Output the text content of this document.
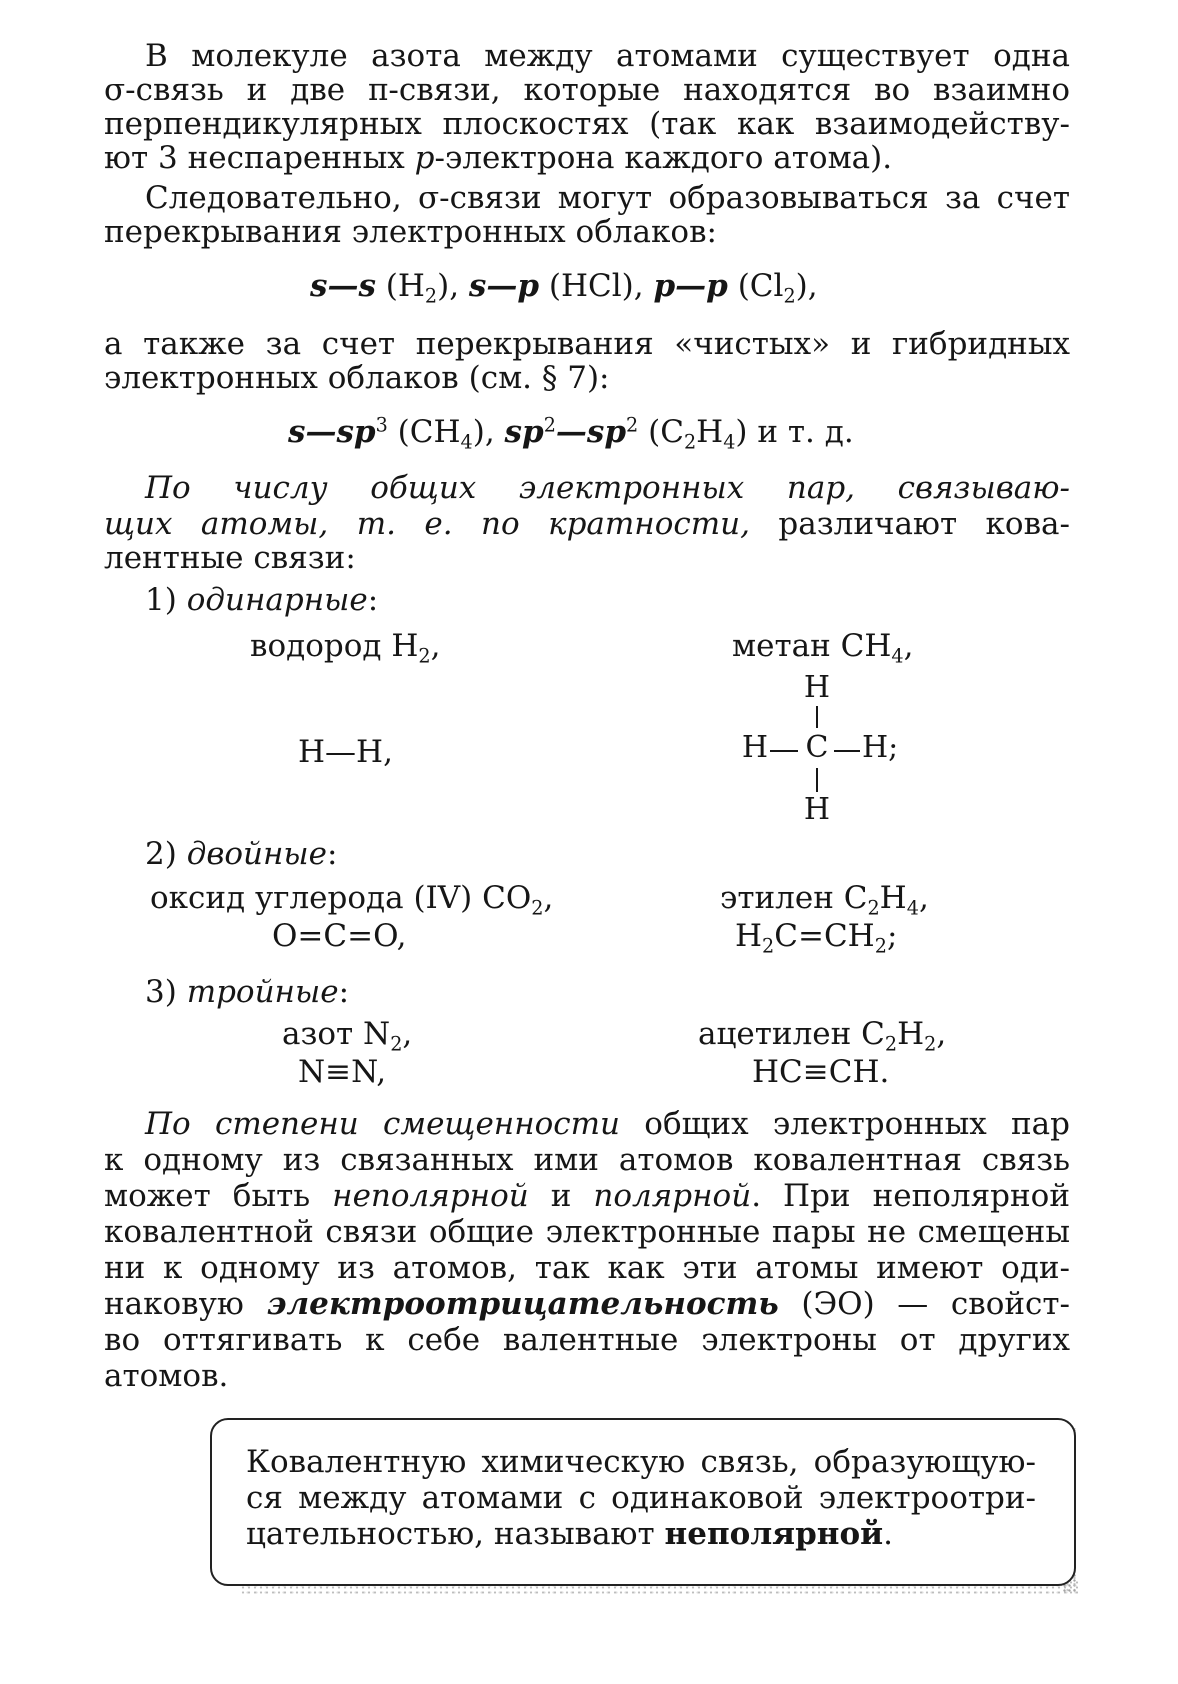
В молекуле азота между атомами существует одна
σ-связь и две π-связи, которые находятся во взаимно
перпендикулярных плоскостях (так как взаимодейству-
ют 3 неспаренных p-электрона каждого атома).
Следовательно, σ-связи могут образовываться за счет
перекрывания электронных облаков:
s—s $(H_2)$, s—p (HCl), p—p $(Cl_2)$,
а также за счет перекрывания «чистых» и гибридных
электронных облаков (см. § 7):
$s—sp^3$ $(CH_4)$, $sp^2—sp^2$ $(C_2H_4)$ и т. д.
По числу общих электронных пар, связываю-
щих атомы, т. е. по кратности, различают кова-
лентные связи:
1) одинарные:
водород $H_2$,
H—H,
метан $CH_4$,
H
H C H;
H
2) двойные:
оксид углерода (IV) $CO_2$,
O=C=O,
этилен $C_2H_4$,
$H_2C=CH_2$;
3) тройные:
азот $N_2$,
N≡N,
ацетилен $C_2H_2$,
HC≡CH.
По степени смещенности общих электронных пар
к одному из связанных ими атомов ковалентная связь
может быть неполярной и полярной. При неполярной
ковалентной связи общие электронные пары не смещены
ни к одному из атомов, так как эти атомы имеют оди-
наковую электроотрицательность (ЭО) — свойст-
во оттягивать к себе валентные электроны от других
атомов.
Ковалентную химическую связь, образующую-
ся между атомами с одинаковой электроотри-
цательностью, называют неполярной.
